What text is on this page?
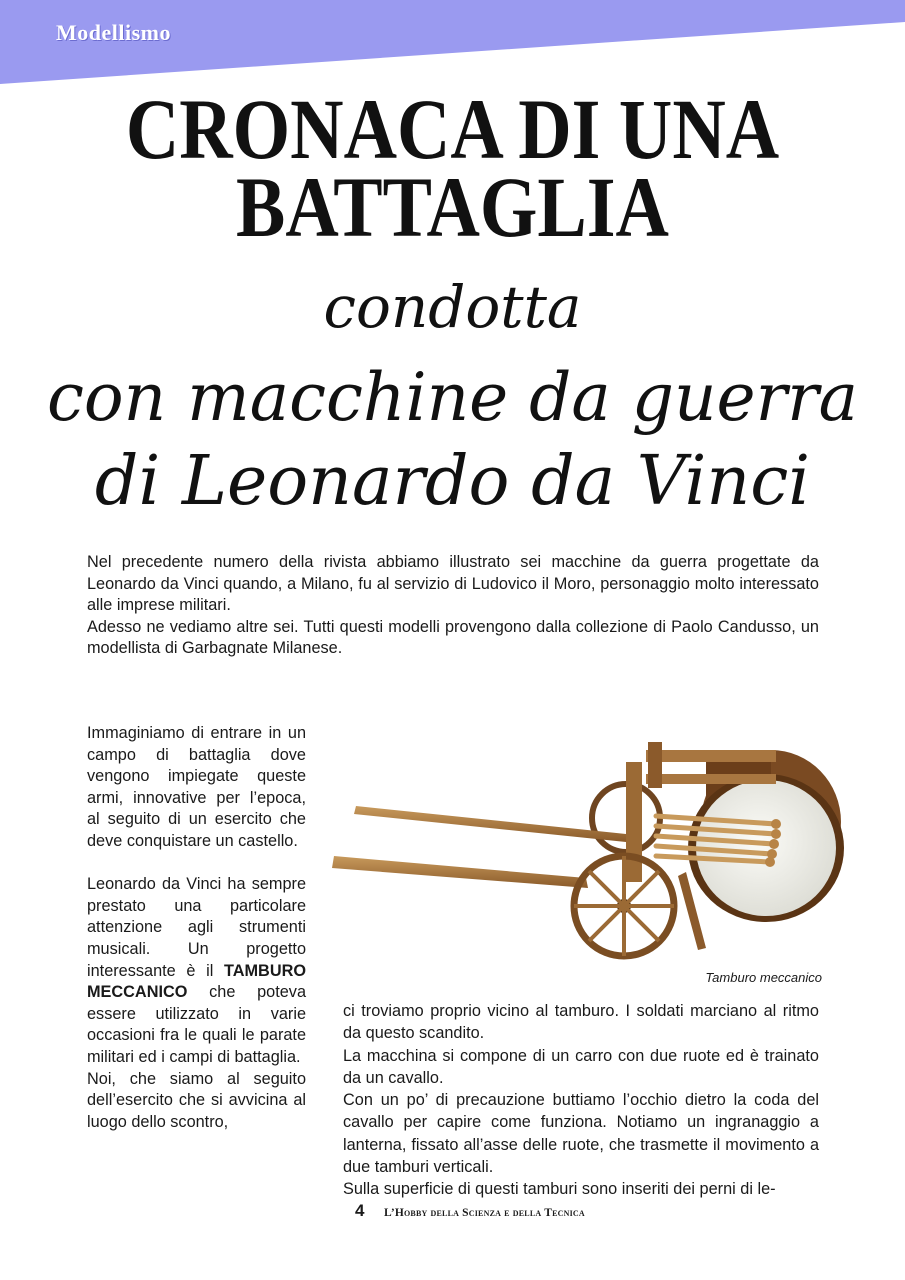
Modellismo
CRONACA DI UNA
BATTAGLIA
condotta
con macchine da guerra
di Leonardo da Vinci

Nel precedente numero della rivista abbiamo illustrato sei macchine da guerra progettate da Leonardo da Vinci quando, a Milano, fu al servizio di Ludovico il Moro, personaggio molto interessato alle imprese militari.

Adesso ne vediamo altre sei. Tutti questi modelli provengono dalla collezione di Paolo Candusso, un modellista di Garbagnate Milanese.

Immaginiamo di entrare in un campo di battaglia dove vengono impiegate queste armi, innovative per l’epoca, al seguito di un esercito che deve conquistare un castello.

Leonardo da Vinci ha sempre prestato una particolare attenzione agli strumenti musicali. Un progetto interessante è il TAMBURO MECCANICO che poteva essere utilizzato in varie occasioni fra le quali le parate militari ed i campi di battaglia.

Noi, che siamo al seguito dell’esercito che si avvicina al luogo dello scontro,

Tamburo meccanico

ci troviamo proprio vicino al tamburo. I soldati marciano al ritmo da questo scandito.

La macchina si compone di un carro con due ruote ed è trainato da un cavallo.

Con un po’ di precauzione buttiamo l’occhio dietro la coda del cavallo per capire come funziona. Notiamo un ingranaggio a lanterna, fissato all’asse delle ruote, che trasmette il movimento a due tamburi verticali.

Sulla superficie di questi tamburi sono inseriti dei perni di le-

4 L’Hobby della Scienza e della Tecnica
